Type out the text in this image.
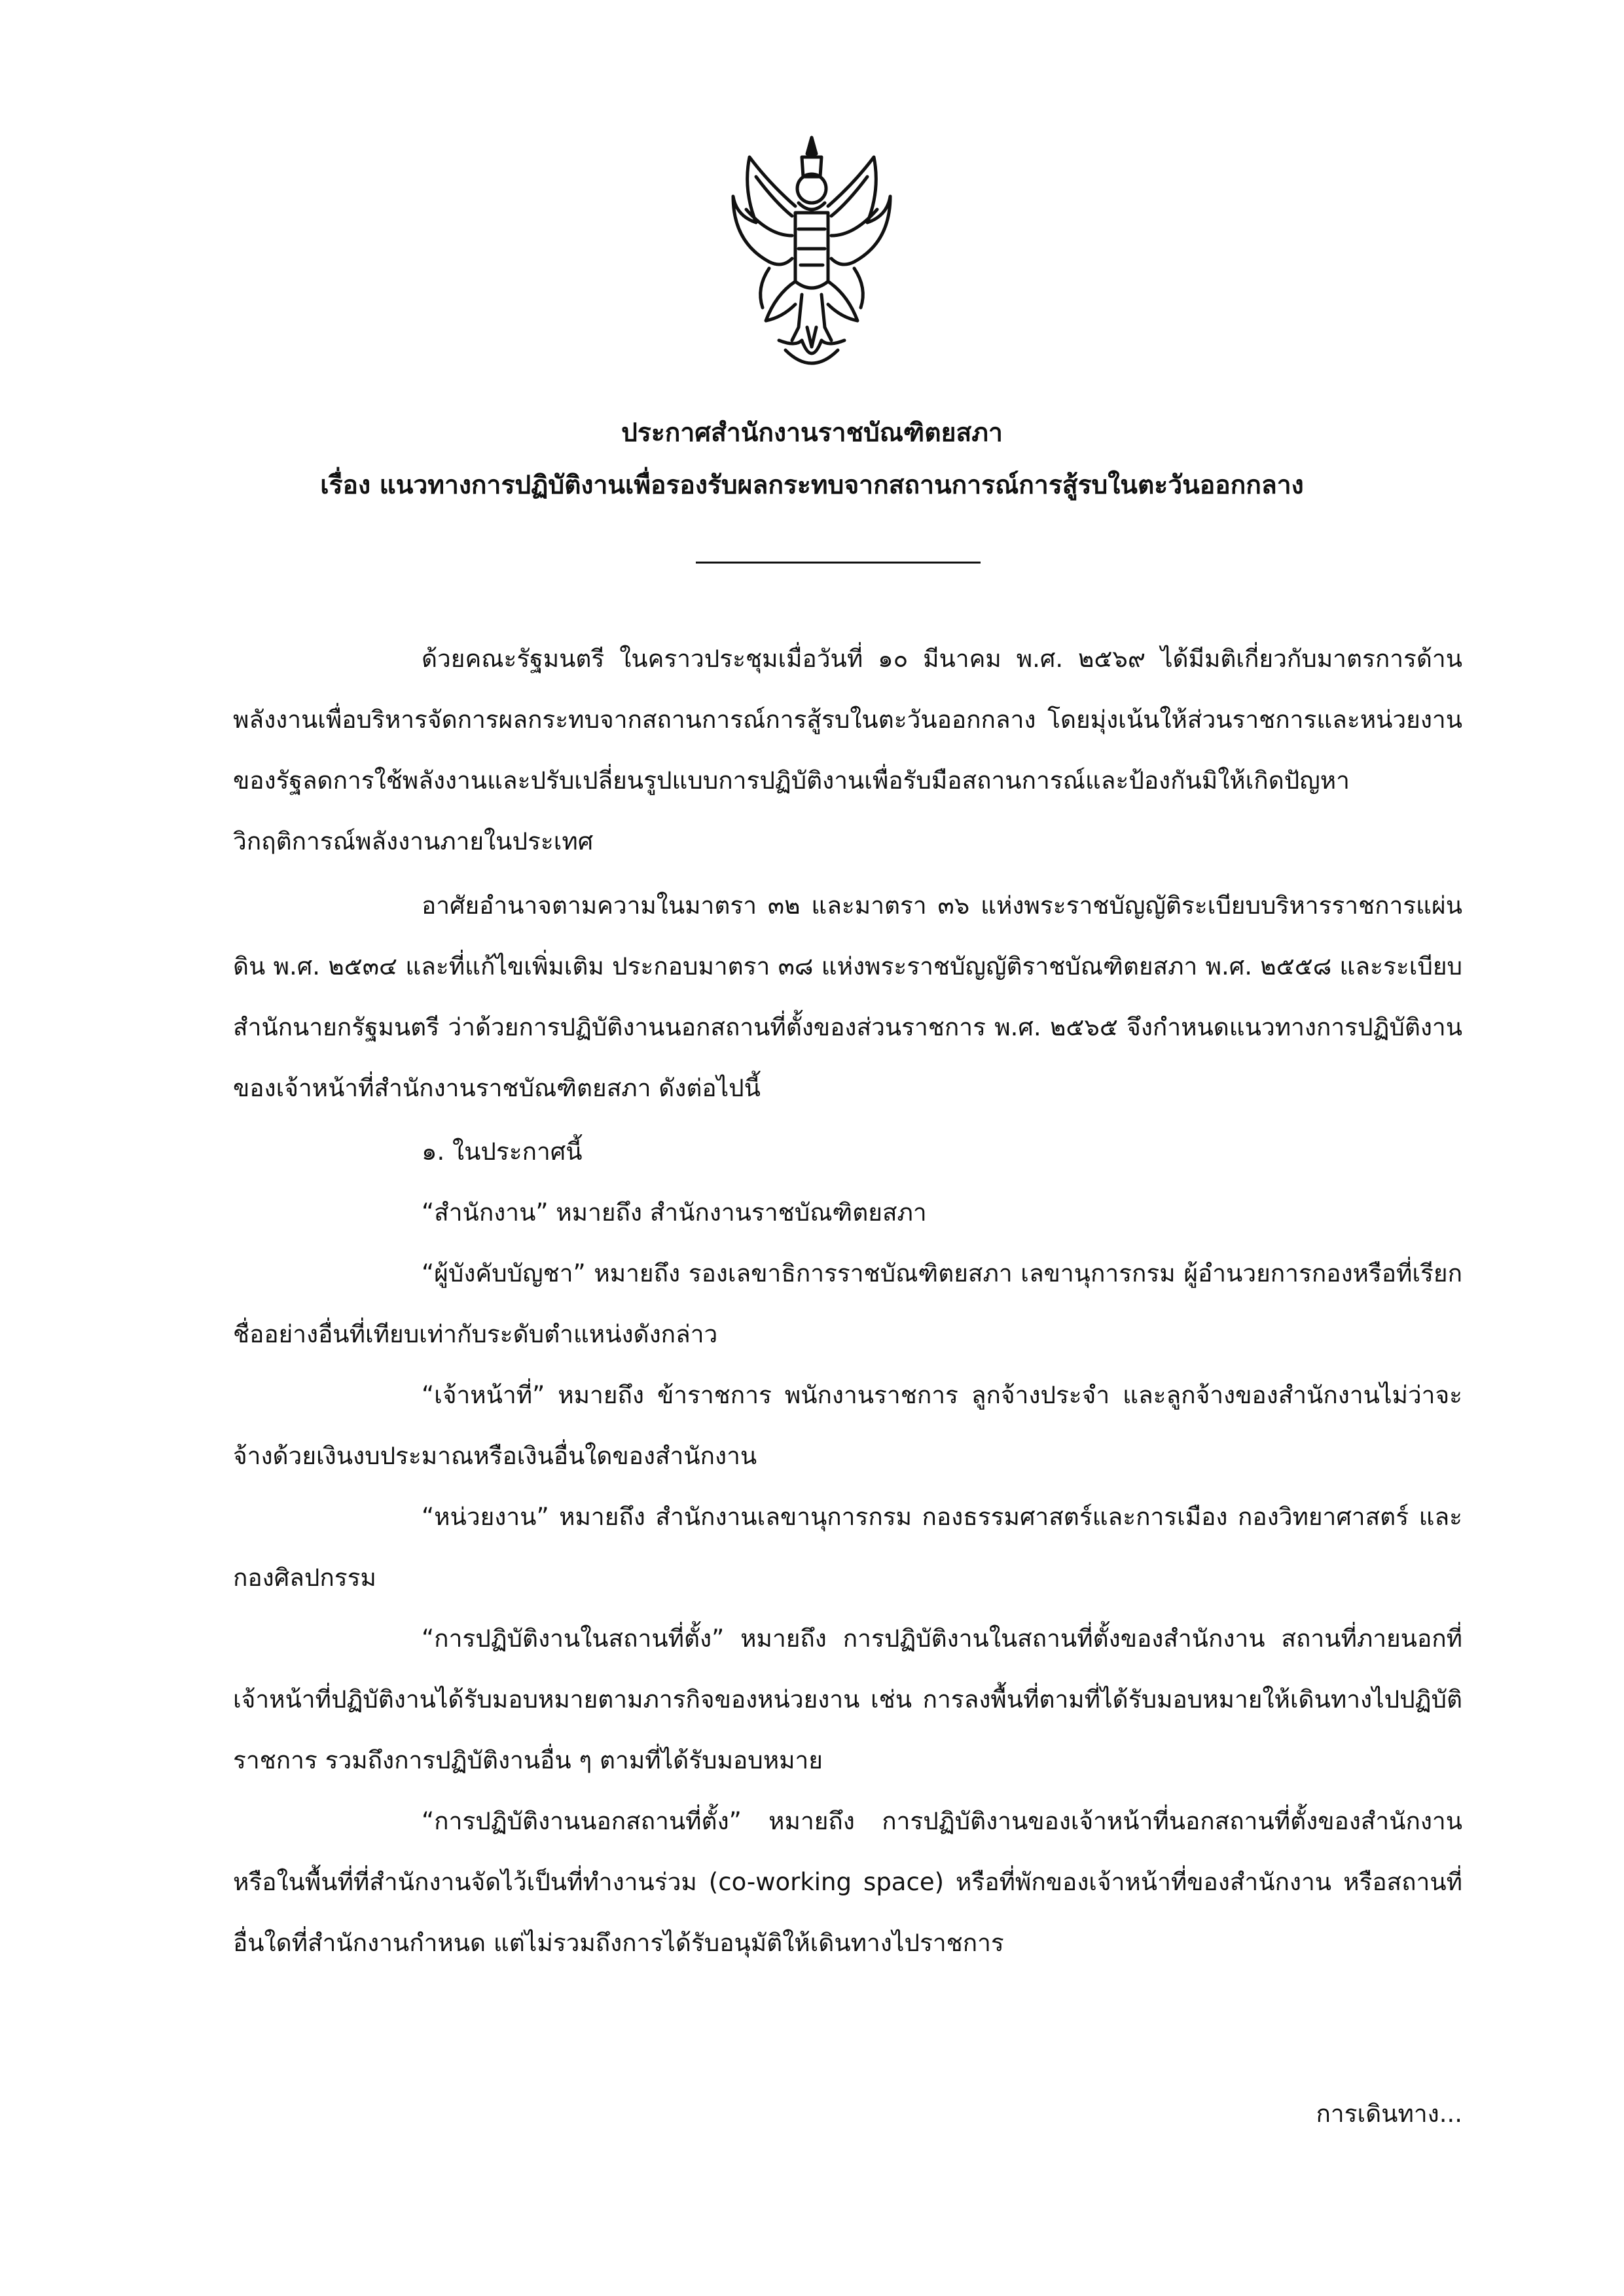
ประกาศสำนักงานราชบัณฑิตยสภา
เรื่อง แนวทางการปฏิบัติงานเพื่อรองรับผลกระทบจากสถานการณ์การสู้รบในตะวันออกกลาง

ด้วยคณะรัฐมนตรี ในคราวประชุมเมื่อวันที่ ๑๐ มีนาคม พ.ศ. ๒๕๖๙ ได้มีมติเกี่ยวกับมาตรการด้านพลังงานเพื่อบริหารจัดการผลกระทบจากสถานการณ์การสู้รบในตะวันออกกลาง โดยมุ่งเน้นให้ส่วนราชการและหน่วยงานของรัฐลดการใช้พลังงานและปรับเปลี่ยนรูปแบบการปฏิบัติงานเพื่อรับมือสถานการณ์และป้องกันมิให้เกิดปัญหาวิกฤติการณ์พลังงานภายในประเทศ

อาศัยอำนาจตามความในมาตรา ๓๒ และมาตรา ๓๖ แห่งพระราชบัญญัติระเบียบบริหารราชการแผ่นดิน พ.ศ. ๒๕๓๔ และที่แก้ไขเพิ่มเติม ประกอบมาตรา ๓๘ แห่งพระราชบัญญัติราชบัณฑิตยสภา พ.ศ. ๒๕๕๘ และระเบียบสำนักนายกรัฐมนตรี ว่าด้วยการปฏิบัติงานนอกสถานที่ตั้งของส่วนราชการ พ.ศ. ๒๕๖๕ จึงกำหนดแนวทางการปฏิบัติงานของเจ้าหน้าที่สำนักงานราชบัณฑิตยสภา ดังต่อไปนี้

๑. ในประกาศนี้

“สำนักงาน” หมายถึง สำนักงานราชบัณฑิตยสภา

“ผู้บังคับบัญชา” หมายถึง รองเลขาธิการราชบัณฑิตยสภา เลขานุการกรม ผู้อำนวยการกองหรือที่เรียกชื่ออย่างอื่นที่เทียบเท่ากับระดับตำแหน่งดังกล่าว

“เจ้าหน้าที่” หมายถึง ข้าราชการ พนักงานราชการ ลูกจ้างประจำ และลูกจ้างของสำนักงานไม่ว่าจะจ้างด้วยเงินงบประมาณหรือเงินอื่นใดของสำนักงาน

“หน่วยงาน” หมายถึง สำนักงานเลขานุการกรม กองธรรมศาสตร์และการเมือง กองวิทยาศาสตร์ และกองศิลปกรรม

“การปฏิบัติงานในสถานที่ตั้ง” หมายถึง การปฏิบัติงานในสถานที่ตั้งของสำนักงาน สถานที่ภายนอกที่เจ้าหน้าที่ปฏิบัติงานได้รับมอบหมายตามภารกิจของหน่วยงาน เช่น การลงพื้นที่ตามที่ได้รับมอบหมายให้เดินทางไปปฏิบัติราชการ รวมถึงการปฏิบัติงานอื่น ๆ ตามที่ได้รับมอบหมาย

“การปฏิบัติงานนอกสถานที่ตั้ง” หมายถึง การปฏิบัติงานของเจ้าหน้าที่นอกสถานที่ตั้งของสำนักงาน หรือในพื้นที่ที่สำนักงานจัดไว้เป็นที่ทำงานร่วม (co-working space) หรือที่พักของเจ้าหน้าที่ของสำนักงาน หรือสถานที่อื่นใดที่สำนักงานกำหนด แต่ไม่รวมถึงการได้รับอนุมัติให้เดินทางไปราชการ

การเดินทาง...
